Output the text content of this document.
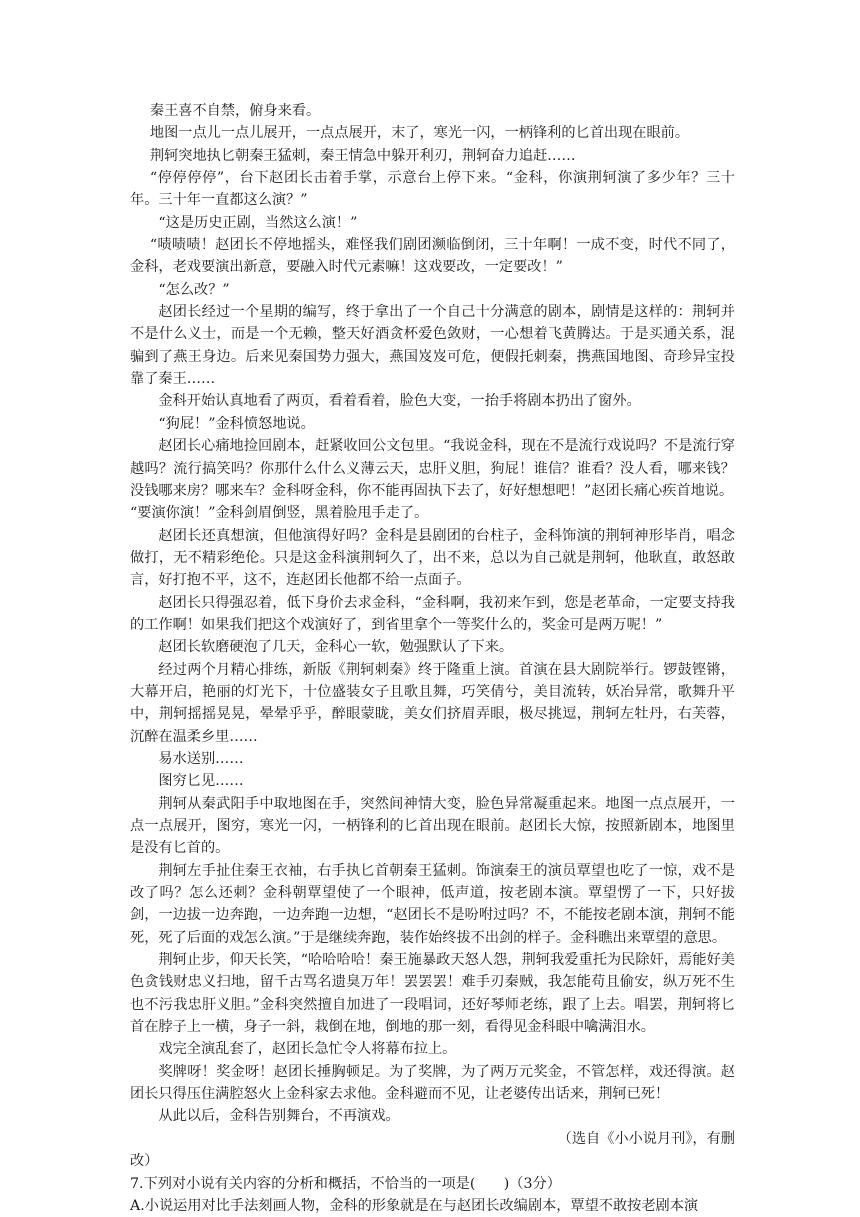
秦王喜不自禁，俯身来看。

地图一点儿一点儿展开，一点点展开，末了，寒光一闪，一柄锋利的匕首出现在眼前。

荆轲突地执匕朝秦王猛刺，秦王情急中躲开利刃，荆轲奋力追赶……

“停停停停”，台下赵团长击着手掌，示意台上停下来。“金科，你演荆轲演了多少年？三十年。三十年一直都这么演？”

“这是历史正剧，当然这么演！”

“啧啧啧！赵团长不停地摇头，难怪我们剧团濒临倒闭，三十年啊！一成不变，时代不同了，金科，老戏要演出新意，要融入时代元素嘛！这戏要改，一定要改！”

“怎么改？”

赵团长经过一个星期的编写，终于拿出了一个自己十分满意的剧本，剧情是这样的：荆轲并不是什么义士，而是一个无赖，整天好酒贪杯爱色敛财，一心想着飞黄腾达。于是买通关系，混骗到了燕王身边。后来见秦国势力强大，燕国岌岌可危，便假托刺秦，携燕国地图、奇珍异宝投靠了秦王……

金科开始认真地看了两页，看着看着，脸色大变，一抬手将剧本扔出了窗外。

“狗屁！”金科愤怒地说。

赵团长心痛地捡回剧本，赶紧收回公文包里。“我说金科，现在不是流行戏说吗？不是流行穿越吗？流行搞笑吗？你那什么什么义薄云天，忠肝义胆，狗屁！谁信？谁看？没人看，哪来钱？没钱哪来房？哪来车？金科呀金科，你不能再固执下去了，好好想想吧！”赵团长痛心疾首地说。

“要演你演！”金科剑眉倒竖，黑着脸甩手走了。

赵团长还真想演，但他演得好吗？金科是县剧团的台柱子，金科饰演的荆轲神形毕肖，唱念做打，无不精彩绝伦。只是这金科演荆轲久了，出不来，总以为自己就是荆轲，他耿直，敢怒敢言，好打抱不平，这不，连赵团长他都不给一点面子。

赵团长只得强忍着，低下身价去求金科，“金科啊，我初来乍到，您是老革命，一定要支持我的工作啊！如果我们把这个戏演好了，到省里拿个一等奖什么的，奖金可是两万呢！”

赵团长软磨硬泡了几天，金科心一软，勉强默认了下来。

经过两个月精心排练，新版《荆轲刺秦》终于隆重上演。首演在县大剧院举行。锣鼓铿锵，大幕开启，艳丽的灯光下，十位盛装女子且歌且舞，巧笑倩兮，美目流转，妖冶异常，歌舞升平中，荆轲摇摇晃晃，晕晕乎乎，醉眼蒙眬，美女们挤眉弄眼，极尽挑逗，荆轲左牡丹，右芙蓉，沉醉在温柔乡里……

易水送别……

图穷匕见……

荆轲从秦武阳手中取地图在手，突然间神情大变，脸色异常凝重起来。地图一点点展开，一点一点展开，图穷，寒光一闪，一柄锋利的匕首出现在眼前。赵团长大惊，按照新剧本，地图里是没有匕首的。

荆轲左手扯住秦王衣袖，右手执匕首朝秦王猛刺。饰演秦王的演员覃望也吃了一惊，戏不是改了吗？怎么还刺？金科朝覃望使了一个眼神，低声道，按老剧本演。覃望愣了一下，只好拔剑，一边拔一边奔跑，一边奔跑一边想，“赵团长不是吩咐过吗？不，不能按老剧本演，荆轲不能死，死了后面的戏怎么演。”于是继续奔跑，装作始终拔不出剑的样子。金科瞧出来覃望的意思。

荆轲止步，仰天长笑，“哈哈哈哈！秦王施暴政天怒人怨，荆轲我爱重托为民除奸，焉能好美色贪钱财忠义扫地，留千古骂名遗臭万年！罢罢罢！难手刃秦贼，我怎能苟且偷安，纵万死不生也不污我忠肝义胆。”金科突然擅自加进了一段唱词，还好琴师老练，跟了上去。唱罢，荆轲将匕首在脖子上一横，身子一斜，栽倒在地，倒地的那一刻，看得见金科眼中噙满泪水。

戏完全演乱套了，赵团长急忙令人将幕布拉上。

奖牌呀！奖金呀！赵团长捶胸顿足。为了奖牌，为了两万元奖金，不管怎样，戏还得演。赵团长只得压住满腔怒火上金科家去求他。金科避而不见，让老婆传出话来，荆轲已死！

从此以后，金科告别舞台，不再演戏。

（选自《小小说月刊》，有删

改）

7.下列对小说有关内容的分析和概括，不恰当的一项是(　　)（3分）

A.小说运用对比手法刻画人物，金科的形象就是在与赵团长改编剧本，覃望不敢按老剧本演
